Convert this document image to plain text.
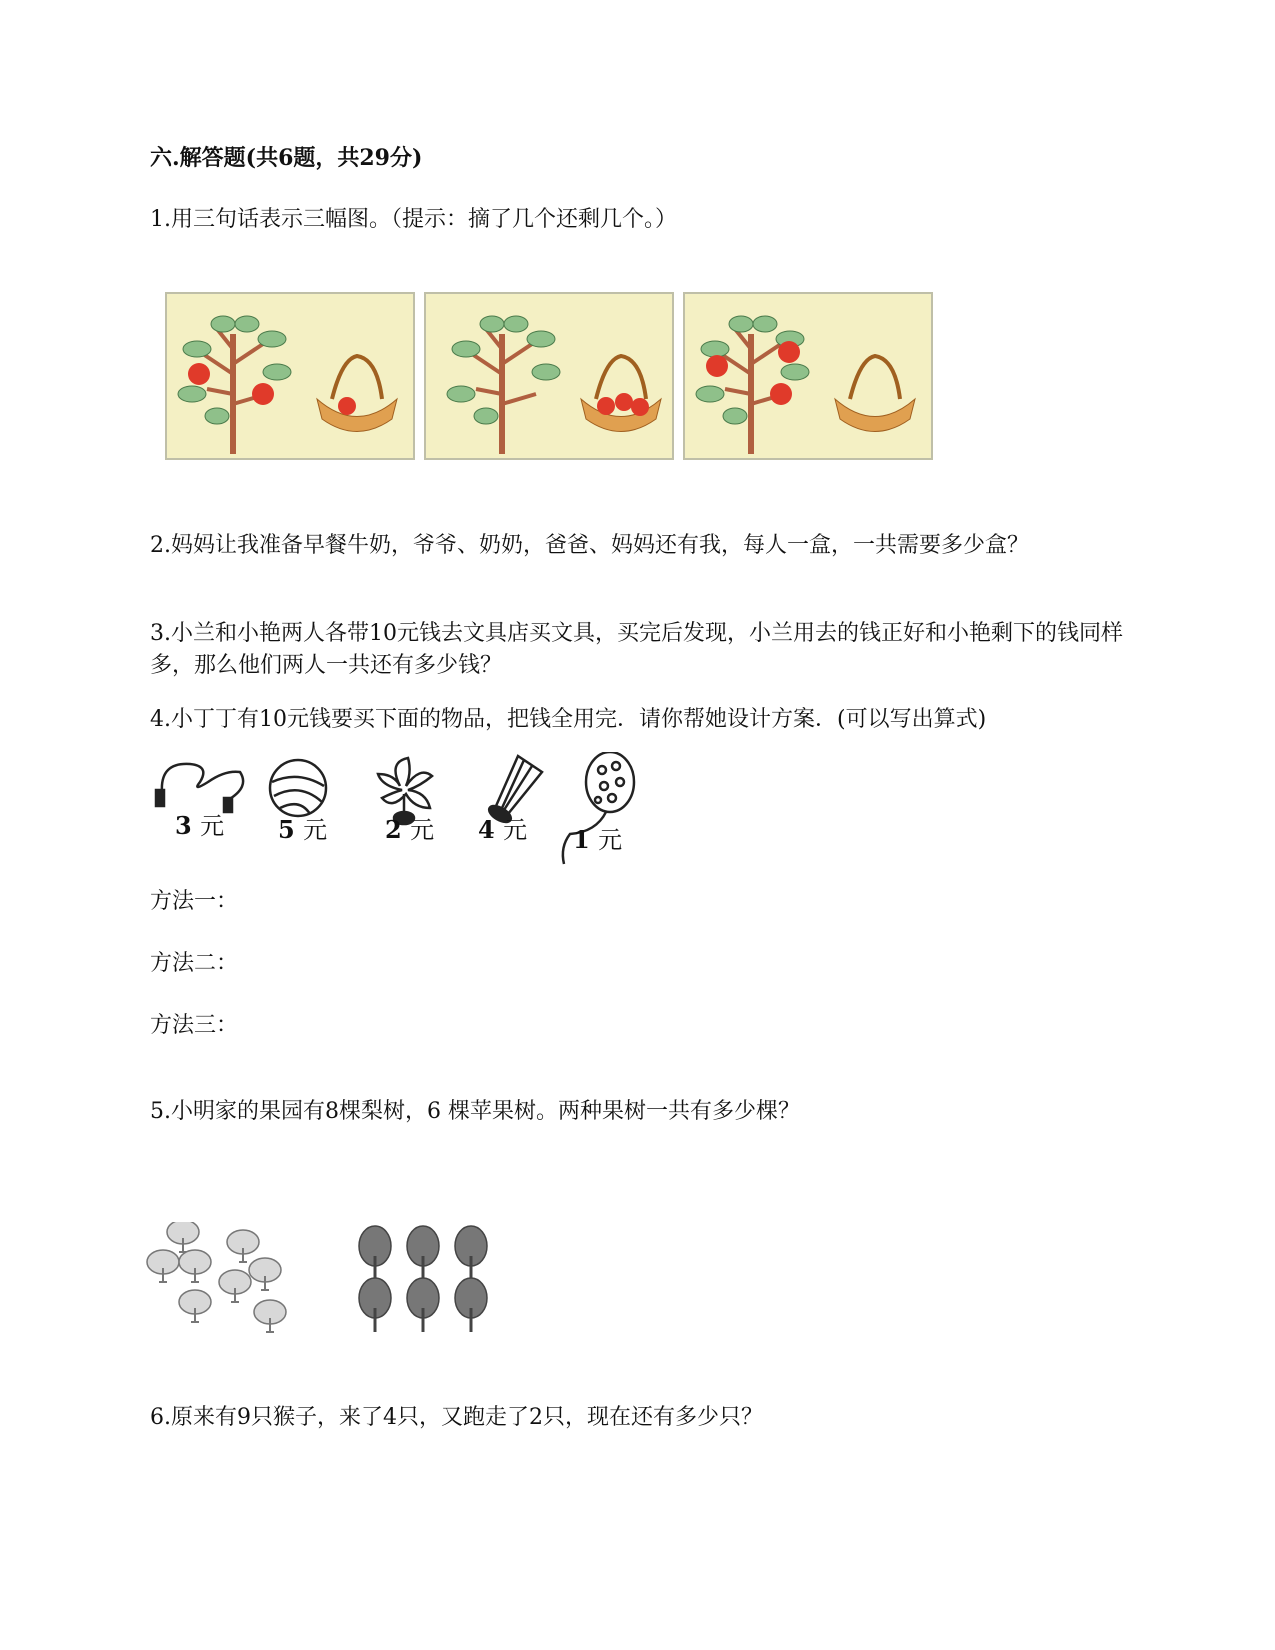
六.解答题(共6题，共29分)
1.用三句话表示三幅图。（提示：摘了几个还剩几个。）
2.妈妈让我准备早餐牛奶，爷爷、奶奶，爸爸、妈妈还有我，每人一盒，一共需要多少盒？
3.小兰和小艳两人各带10元钱去文具店买文具，买完后发现，小兰用去的钱正好和小艳剩下的钱同样多，那么他们两人一共还有多少钱？
4.小丁丁有10元钱要买下面的物品，把钱全用完．请你帮她设计方案．(可以写出算式)
3 元 5 元 2 元 4 元 1 元
方法一：
方法二：
方法三：
5.小明家的果园有8棵梨树，6 棵苹果树。两种果树一共有多少棵？
6.原来有9只猴子，来了4只，又跑走了2只，现在还有多少只？
